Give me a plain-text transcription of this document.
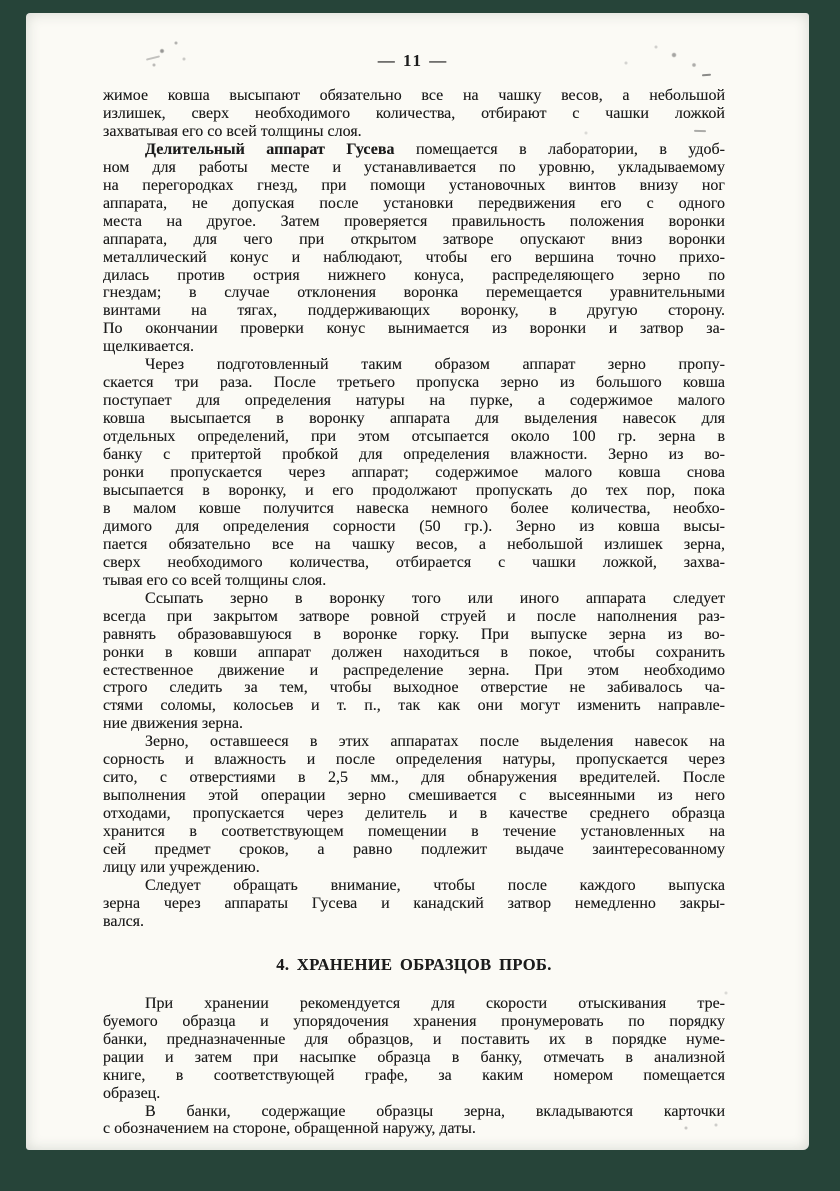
— 11 —
жимое ковша высыпают обязательно все на чашку весов, а небольшой
излишек, сверх необходимого количества, отбирают с чашки ложкой
захватывая его со всей толщины слоя.
Делительный аппарат Гусева помещается в лаборатории, в удоб-
ном для работы месте и устанавливается по уровню, укладываемому
на перегородках гнезд, при помощи установочных винтов внизу ног
аппарата, не допуская после установки передвижения его с одного
места на другое. Затем проверяется правильность положения воронки
аппарата, для чего при открытом затворе опускают вниз воронки
металлический конус и наблюдают, чтобы его вершина точно прихо-
дилась против острия нижнего конуса, распределяющего зерно по
гнездам; в случае отклонения воронка перемещается уравнительными
винтами на тягах, поддерживающих воронку, в другую сторону.
По окончании проверки конус вынимается из воронки и затвор за-
щелкивается.
Через подготовленный таким образом аппарат зерно пропу-
скается три раза. После третьего пропуска зерно из большого ковша
поступает для определения натуры на пурке, а содержимое малого
ковша высыпается в воронку аппарата для выделения навесок для
отдельных определений, при этом отсыпается около 100 гр. зерна в
банку с притертой пробкой для определения влажности. Зерно из во-
ронки пропускается через аппарат; содержимое малого ковша снова
высыпается в воронку, и его продолжают пропускать до тех пор, пока
в малом ковше получится навеска немного более количества, необхо-
димого для определения сорности (50 гр.). Зерно из ковша высы-
пается обязательно все на чашку весов, а небольшой излишек зерна,
сверх необходимого количества, отбирается с чашки ложкой, захва-
тывая его со всей толщины слоя.
Ссыпать зерно в воронку того или иного аппарата следует
всегда при закрытом затворе ровной струей и после наполнения раз-
равнять образовавшуюся в воронке горку. При выпуске зерна из во-
ронки в ковши аппарат должен находиться в покое, чтобы сохранить
естественное движение и распределение зерна. При этом необходимо
строго следить за тем, чтобы выходное отверстие не забивалось ча-
стями соломы, колосьев и т. п., так как они могут изменить направле-
ние движения зерна.
Зерно, оставшееся в этих аппаратах после выделения навесок на
сорность и влажность и после определения натуры, пропускается через
сито, с отверстиями в 2,5 мм., для обнаружения вредителей. После
выполнения этой операции зерно смешивается с высеянными из него
отходами, пропускается через делитель и в качестве среднего образца
хранится в соответствующем помещении в течение установленных на
сей предмет сроков, а равно подлежит выдаче заинтересованному
лицу или учреждению.
Следует обращать внимание, чтобы после каждого выпуска
зерна через аппараты Гусева и канадский затвор немедленно закры-
вался.
4. ХРАНЕНИЕ ОБРАЗЦОВ ПРОБ.
При хранении рекомендуется для скорости отыскивания тре-
буемого образца и упорядочения хранения пронумеровать по порядку
банки, предназначенные для образцов, и поставить их в порядке нуме-
рации и затем при насыпке образца в банку, отмечать в анализной
книге, в соответствующей графе, за каким номером помещается
образец.
В банки, содержащие образцы зерна, вкладываются карточки
с обозначением на стороне, обращенной наружу, даты.
